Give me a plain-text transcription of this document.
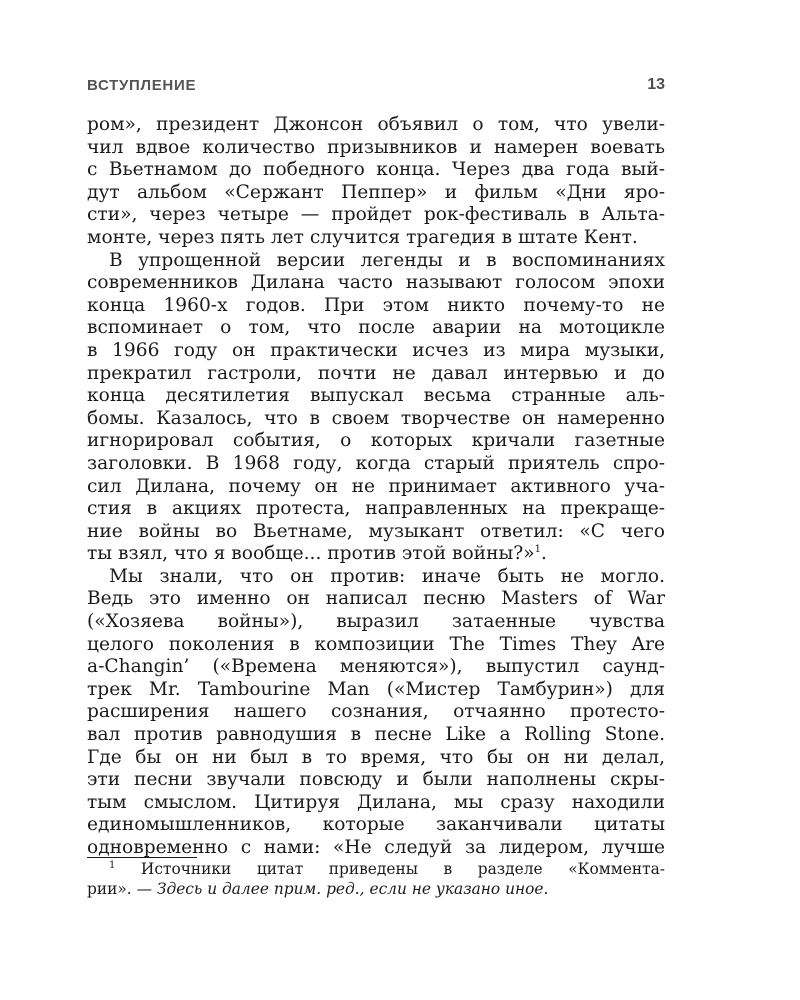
ВСТУПЛЕНИЕ	13

ром», президент Джонсон объявил о том, что увели-
чил вдвое количество призывников и намерен воевать
с Вьетнамом до победного конца. Через два года вый-
дут альбом «Сержант Пеппер» и фильм «Дни яро-
сти», через четыре — пройдет рок-фестиваль в Альта-
монте, через пять лет случится трагедия в штате Кент.

В упрощенной версии легенды и в воспоминаниях
современников Дилана часто называют голосом эпохи
конца 1960-х годов. При этом никто почему-то не
вспоминает о том, что после аварии на мотоцикле
в 1966 году он практически исчез из мира музыки,
прекратил гастроли, почти не давал интервью и до
конца десятилетия выпускал весьма странные аль-
бомы. Казалось, что в своем творчестве он намеренно
игнорировал события, о которых кричали газетные
заголовки. В 1968 году, когда старый приятель спро-
сил Дилана, почему он не принимает активного уча-
стия в акциях протеста, направленных на прекраще-
ние войны во Вьетнаме, музыкант ответил: «С чего
ты взял, что я вообще... против этой войны?»$^1$.

Мы знали, что он против: иначе быть не могло.
Ведь это именно он написал песню Masters of War
(«Хозяева войны»), выразил затаенные чувства
целого поколения в композиции The Times They Are
a-Changin’ («Времена меняются»), выпустил саунд-
трек Mr. Tambourine Man («Мистер Тамбурин») для
расширения нашего сознания, отчаянно протесто-
вал против равнодушия в песне Like a Rolling Stone.
Где бы он ни был в то время, что бы он ни делал,
эти песни звучали повсюду и были наполнены скры-
тым смыслом. Цитируя Дилана, мы сразу находили
единомышленников, которые заканчивали цитаты
одновременно с нами: «Не следуй за лидером, лучше

$^1$ Источники цитат приведены в разделе «Коммента-
рии». — Здесь и далее прим. ред., если не указано иное.
